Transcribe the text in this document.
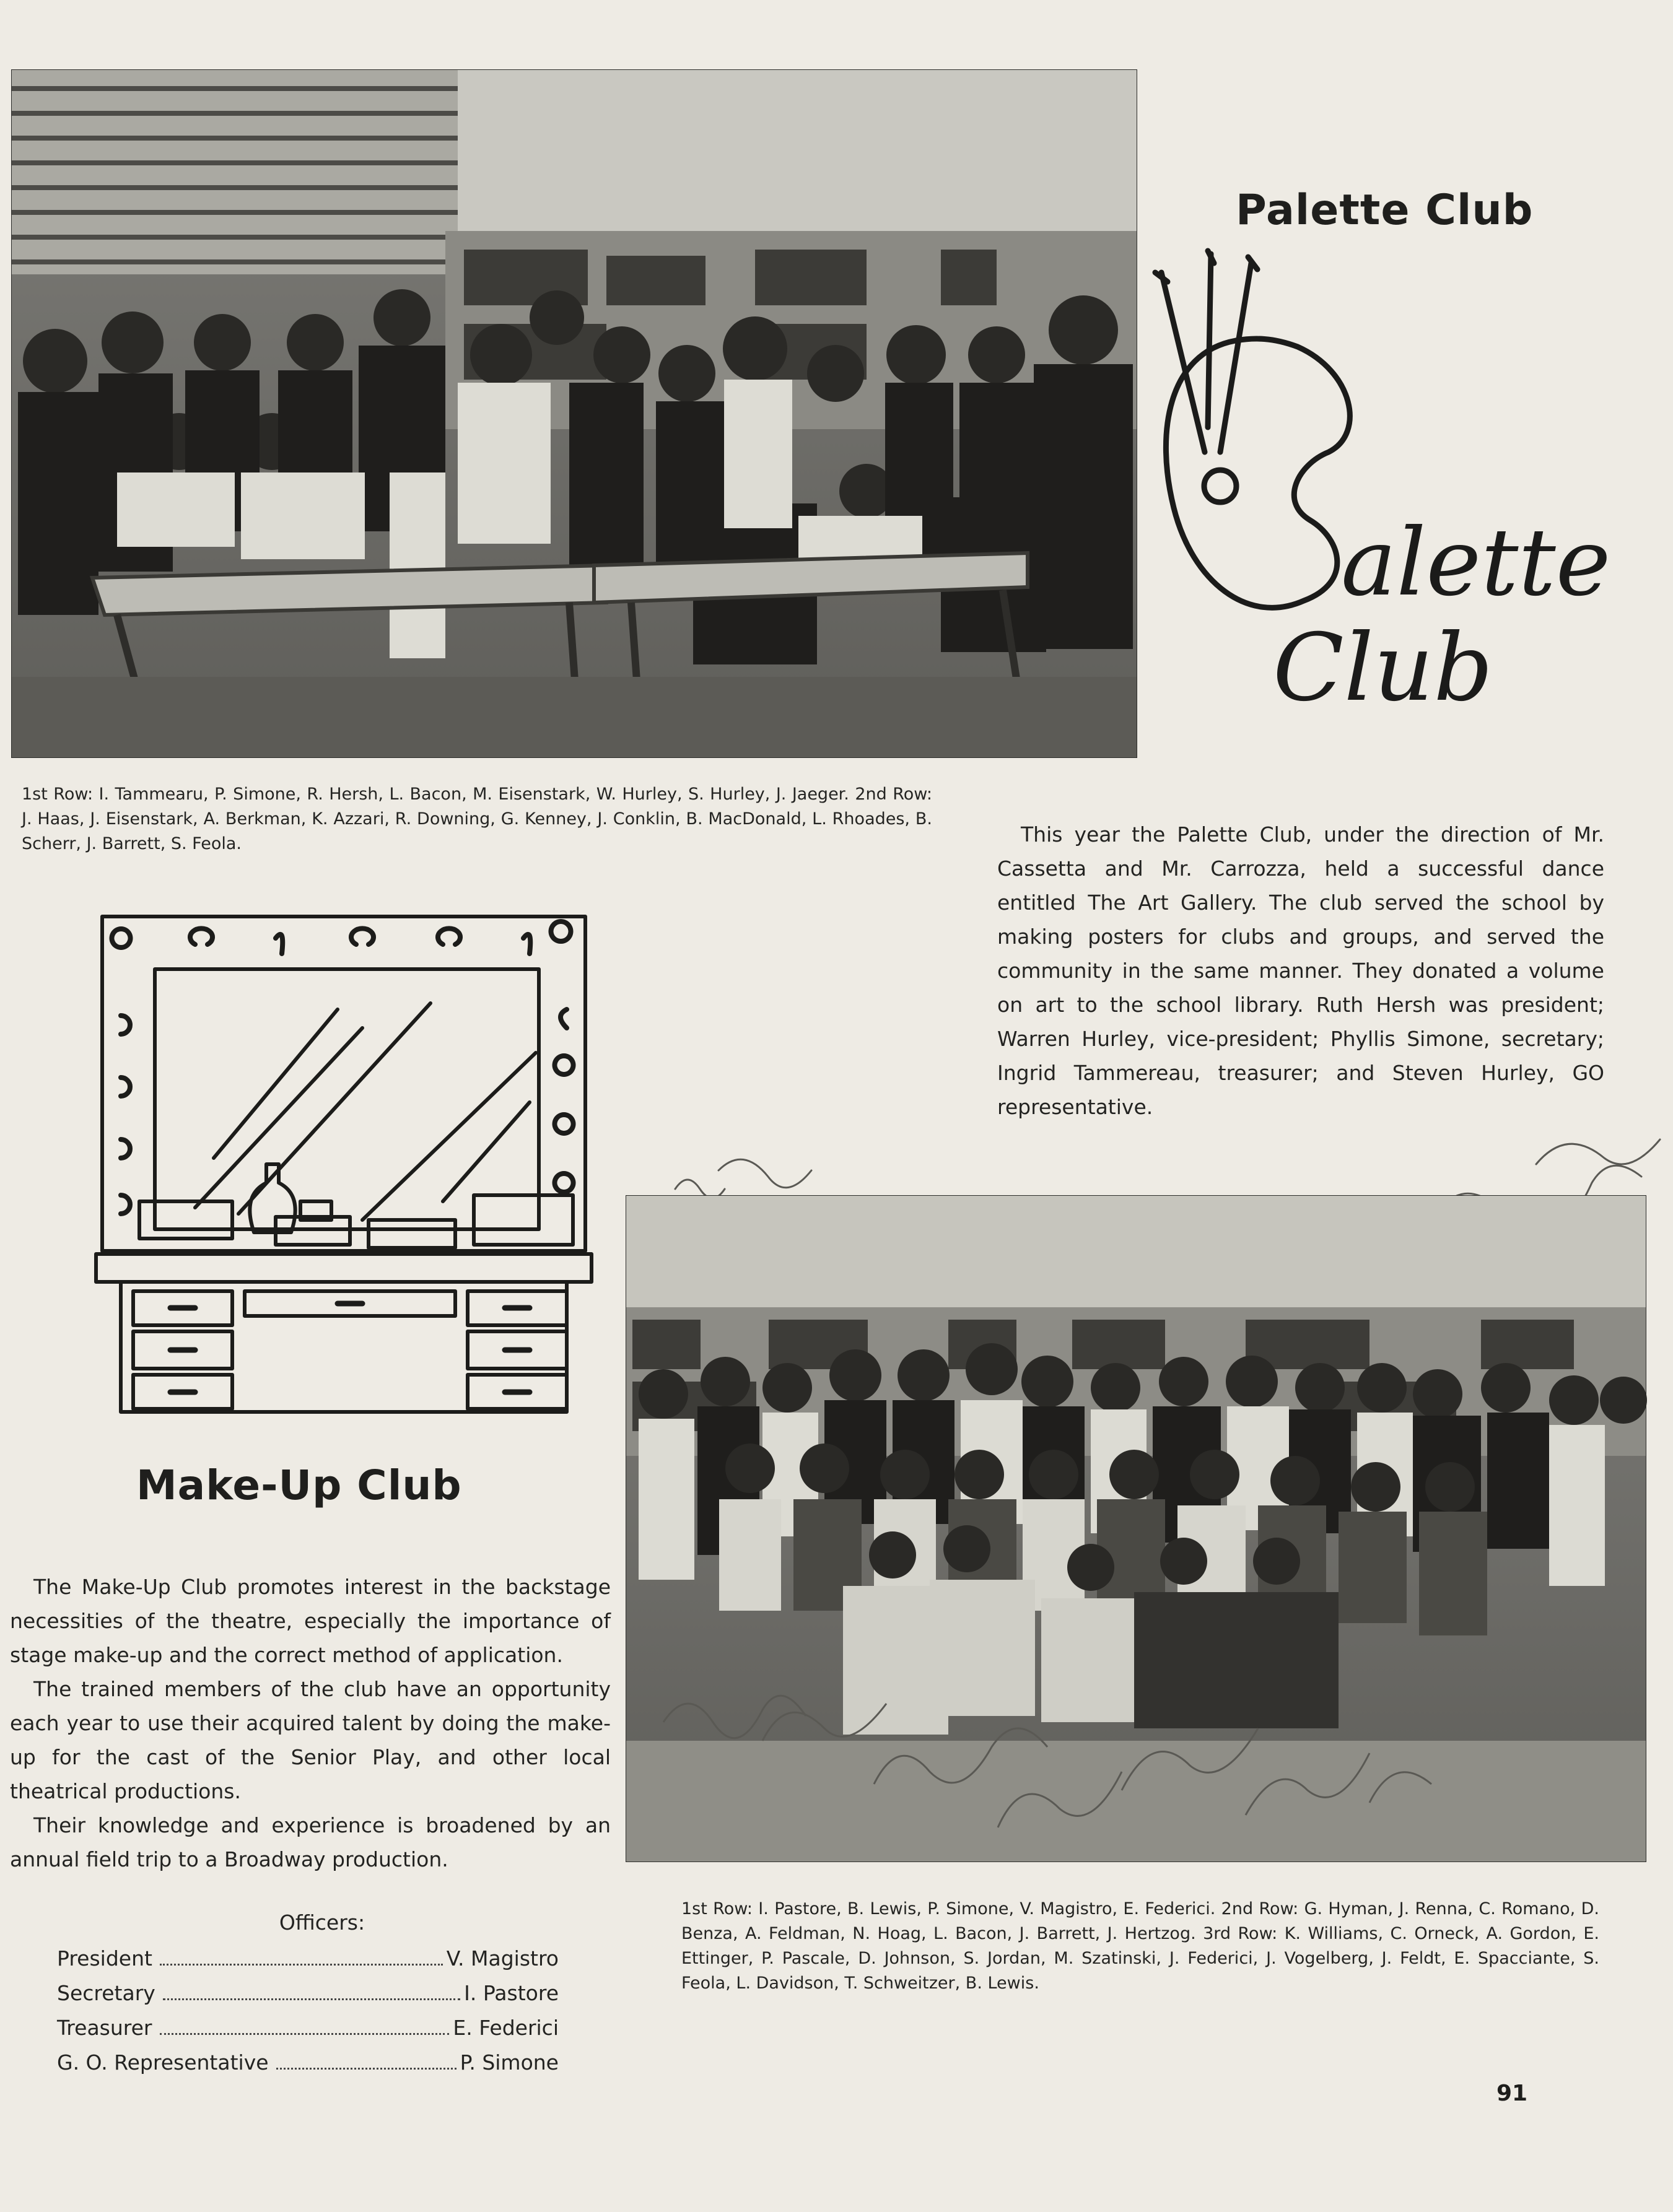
Palette Club
alette
Club
1st Row: I. Tammearu, P. Simone, R. Hersh, L. Bacon, M. Eisenstark, W. Hurley, S. Hurley, J. Jaeger. 2nd Row: J. Haas, J. Eisenstark, A. Berkman, K. Azzari, R. Downing, G. Kenney, J. Conklin, B. MacDonald, L. Rhoades, B. Scherr, J. Barrett, S. Feola.	This year the Palette Club, under the direction of Mr. Cassetta and Mr. Carrozza, held a successful dance entitled The Art Gallery. The club served the school by making posters for clubs and groups, and served the community in the same manner. They donated a volume on art to the school library. Ruth Hersh was president; Warren Hurley, vice-president; Phyllis Simone, secretary; Ingrid Tammereau, treasurer; and Steven Hurley, GO representative.

Make-Up Club

The Make-Up Club promotes interest in the backstage necessities of the theatre, especially the importance of stage make-up and the correct method of application.

The trained members of the club have an opportunity each year to use their acquired talent by doing the make-up for the cast of the Senior Play, and other local theatrical productions.

Their knowledge and experience is broadened by an annual field trip to a Broadway production.

Officers:
President	V. Magistro
Secretary	I. Pastore
Treasurer	E. Federici
G. O. Representative	P. Simone
1st Row: I. Pastore, B. Lewis, P. Simone, V. Magistro, E. Federici. 2nd Row: G. Hyman, J. Renna, C. Romano, D. Benza, A. Feldman, N. Hoag, L. Bacon, J. Barrett, J. Hertzog. 3rd Row: K. Williams, C. Orneck, A. Gordon, E. Ettinger, P. Pascale, D. Johnson, S. Jordan, M. Szatinski, J. Federici, J. Vogelberg, J. Feldt, E. Spacciante, S. Feola, L. Davidson, T. Schweitzer, B. Lewis.
91
